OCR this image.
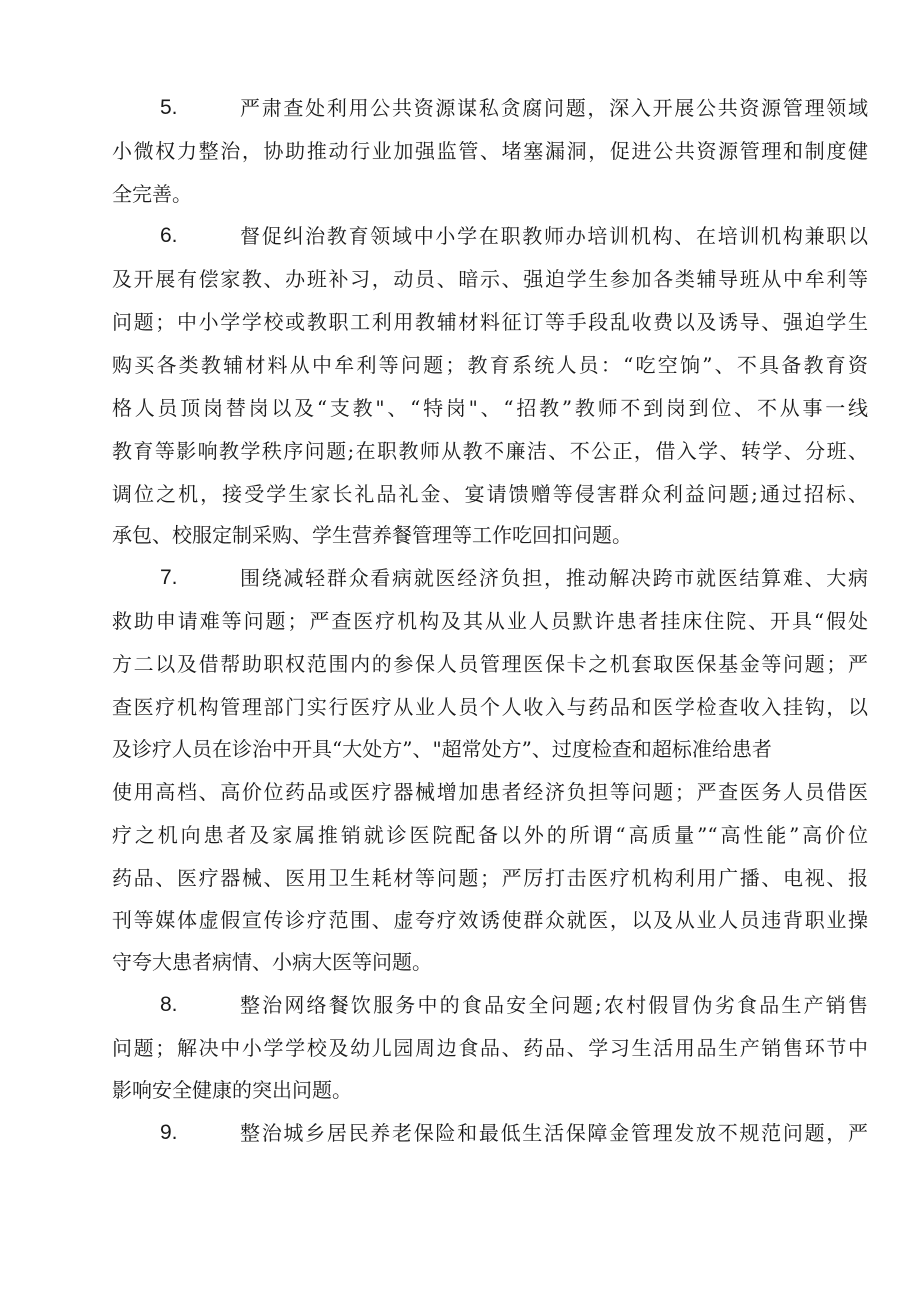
5.	严肃查处利用公共资源谋私贪腐问题，深入开展公共资源管理领域
小微权力整治，协助推动行业加强监管、堵塞漏洞，促进公共资源管理和制度健
全完善。
6.	督促纠治教育领域中小学在职教师办培训机构、在培训机构兼职以
及开展有偿家教、办班补习，动员、暗示、强迫学生参加各类辅导班从中牟利等
问题；中小学学校或教职工利用教辅材料征订等手段乱收费以及诱导、强迫学生
购买各类教辅材料从中牟利等问题；教育系统人员：“吃空饷”、不具备教育资
格人员顶岗替岗以及“支教"、“特岗"、“招教”教师不到岗到位、不从事一线
教育等影响教学秩序问题;在职教师从教不廉洁、不公正，借入学、转学、分班、
调位之机，接受学生家长礼品礼金、宴请馈赠等侵害群众利益问题;通过招标、
承包、校服定制采购、学生营养餐管理等工作吃回扣问题。
7.	围绕减轻群众看病就医经济负担，推动解决跨市就医结算难、大病
救助申请难等问题；严查医疗机构及其从业人员默许患者挂床住院、开具“假处
方二以及借帮助职权范围内的参保人员管理医保卡之机套取医保基金等问题；严
查医疗机构管理部门实行医疗从业人员个人收入与药品和医学检查收入挂钩，以
及诊疗人员在诊治中开具“大处方”、"超常处方”、过度检查和超标准给患者
使用高档、高价位药品或医疗器械增加患者经济负担等问题；严查医务人员借医
疗之机向患者及家属推销就诊医院配备以外的所谓“高质量”“高性能”高价位
药品、医疗器械、医用卫生耗材等问题；严厉打击医疗机构利用广播、电视、报
刊等媒体虚假宣传诊疗范围、虚夸疗效诱使群众就医，以及从业人员违背职业操
守夸大患者病情、小病大医等问题。
8.	整治网络餐饮服务中的食品安全问题;农村假冒伪劣食品生产销售
问题；解决中小学学校及幼儿园周边食品、药品、学习生活用品生产销售环节中
影响安全健康的突出问题。
9.	整治城乡居民养老保险和最低生活保障金管理发放不规范问题，严
